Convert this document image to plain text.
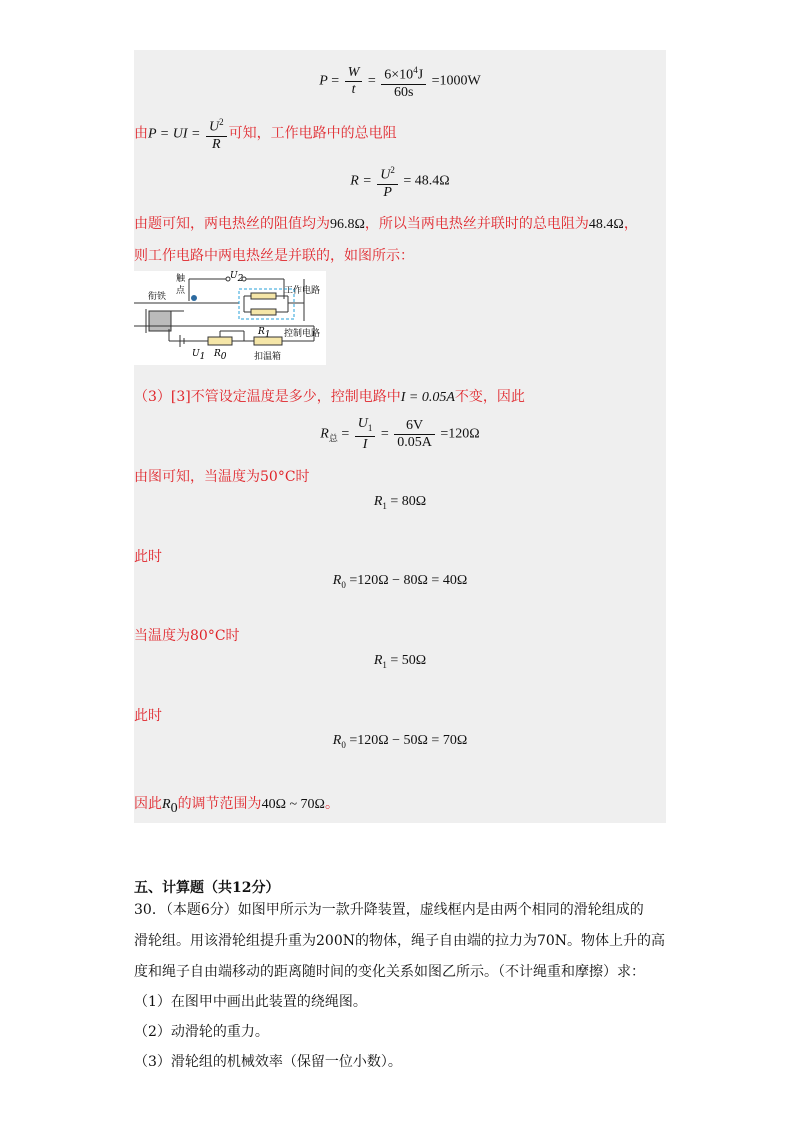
$P = \frac{W}{t} = \frac{6\times 10^4J}{60s} =1000W$
由P = UI = $\frac{U^2}{R}$ 可知，工作电路中的总电阻
$R = \frac{U^2}{P} = 48.4\Omega$
由题可知，两电热丝的阻值均为96.8Ω，所以当两电热丝并联时的总电阻为48.4Ω，
则工作电路中两电热丝是并联的，如图所示：
触
点
衔铁
$U_2$
工作电路
控制电路
$R_1$
$U_1$ $R_0$	扣温箱
（3）[3]不管设定温度是多少，控制电路中I = 0.05A不变，因此
$R_总 = \frac{U_1}{I} = \frac{6V}{0.05A} =120\Omega$
由图可知，当温度为50°C时
$R_1 = 80\Omega$
此时
$R_0 =120\Omega - 80\Omega = 40\Omega$
当温度为80°C时
$R_1 = 50\Omega$
此时
$R_0 =120\Omega - 50\Omega = 70\Omega$
因此$R_0$的调节范围为40Ω ~ 70Ω。
五、计算题（共12分）
30．（本题6分）如图甲所示为一款升降装置，虚线框内是由两个相同的滑轮组成的
滑轮组。用该滑轮组提升重为200N的物体，绳子自由端的拉力为70N。物体上升的高
度和绳子自由端移动的距离随时间的变化关系如图乙所示。（不计绳重和摩擦）求：
（1）在图甲中画出此装置的绕绳图。
（2）动滑轮的重力。
（3）滑轮组的机械效率（保留一位小数）。
